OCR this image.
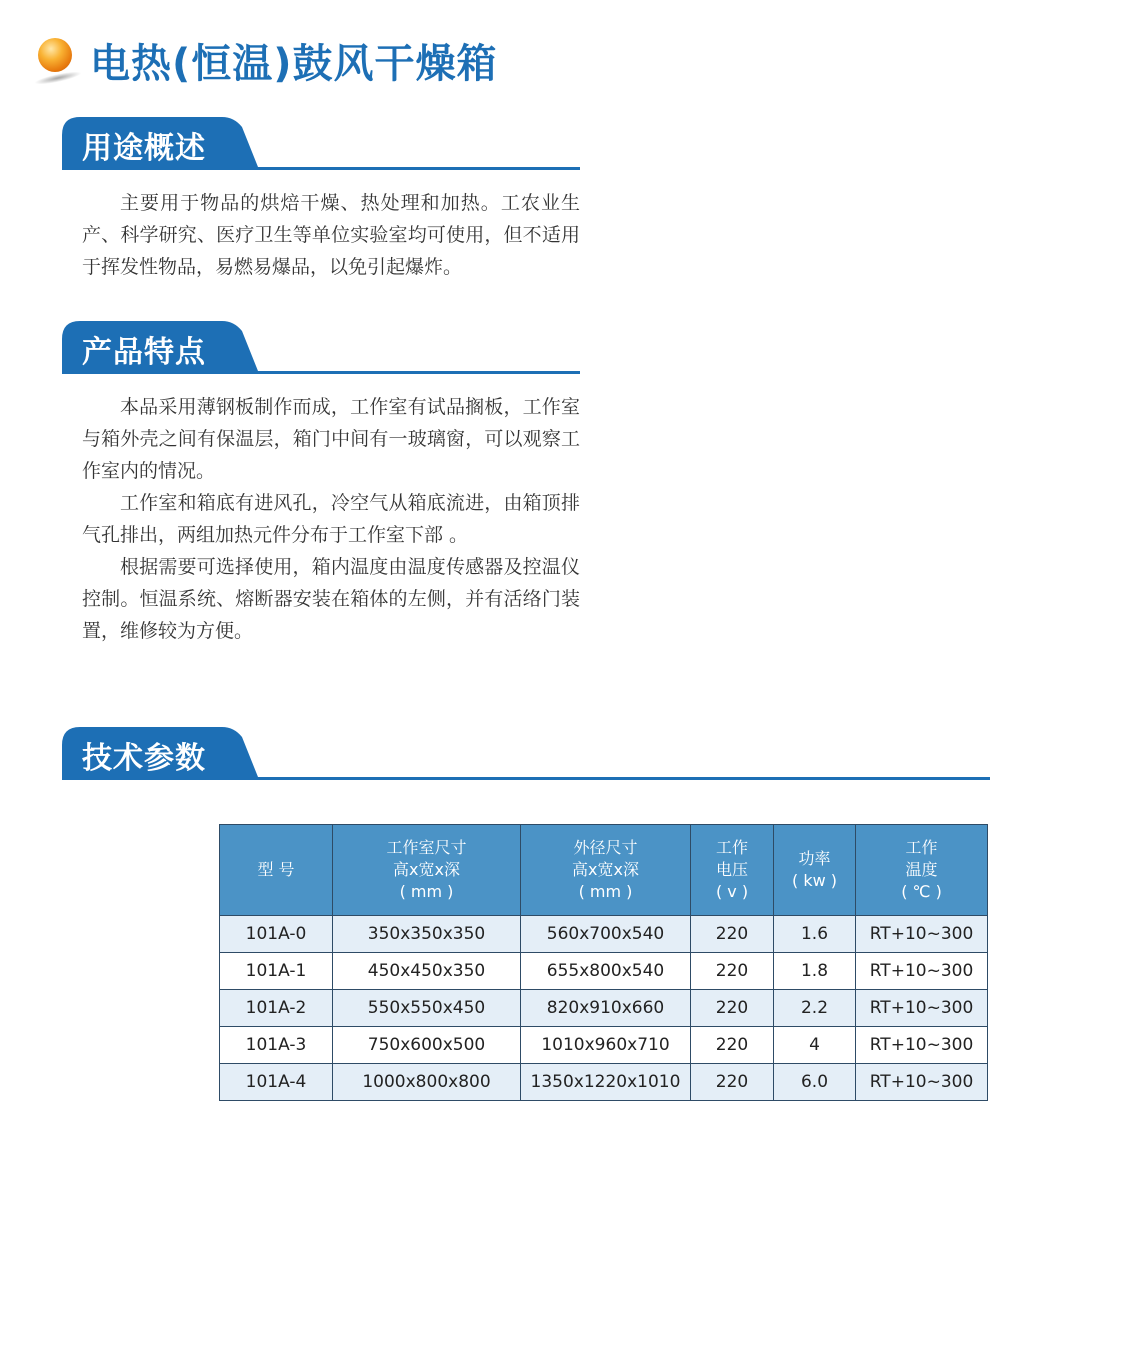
电热(恒温)鼓风干燥箱
用途概述

主要用于物品的烘焙干燥、热处理和加热。工农业生产、科学研究、医疗卫生等单位实验室均可使用，但不适用于挥发性物品，易燃易爆品，以免引起爆炸。

产品特点

本品采用薄钢板制作而成，工作室有试品搁板，工作室与箱外壳之间有保温层，箱门中间有一玻璃窗，可以观察工作室内的情况。

工作室和箱底有进风孔，冷空气从箱底流进，由箱顶排气孔排出，两组加热元件分布于工作室下部 。

根据需要可选择使用，箱内温度由温度传感器及控温仪控制。恒温系统、熔断器安装在箱体的左侧，并有活络门装置，维修较为方便。

技术参数
型 号	工作室尺寸
高x宽x深
( mm )	外径尺寸
高x宽x深
( mm )	工作
电压
( v )	功率
( kw )	工作
温度
( ℃ )

101A-0	350x350x350	560x700x540	220	1.6	RT+10~300
101A-1	450x450x350	655x800x540	220	1.8	RT+10~300
101A-2	550x550x450	820x910x660	220	2.2	RT+10~300
101A-3	750x600x500	1010x960x710	220	4	RT+10~300
101A-4	1000x800x800	1350x1220x1010	220	6.0	RT+10~300
